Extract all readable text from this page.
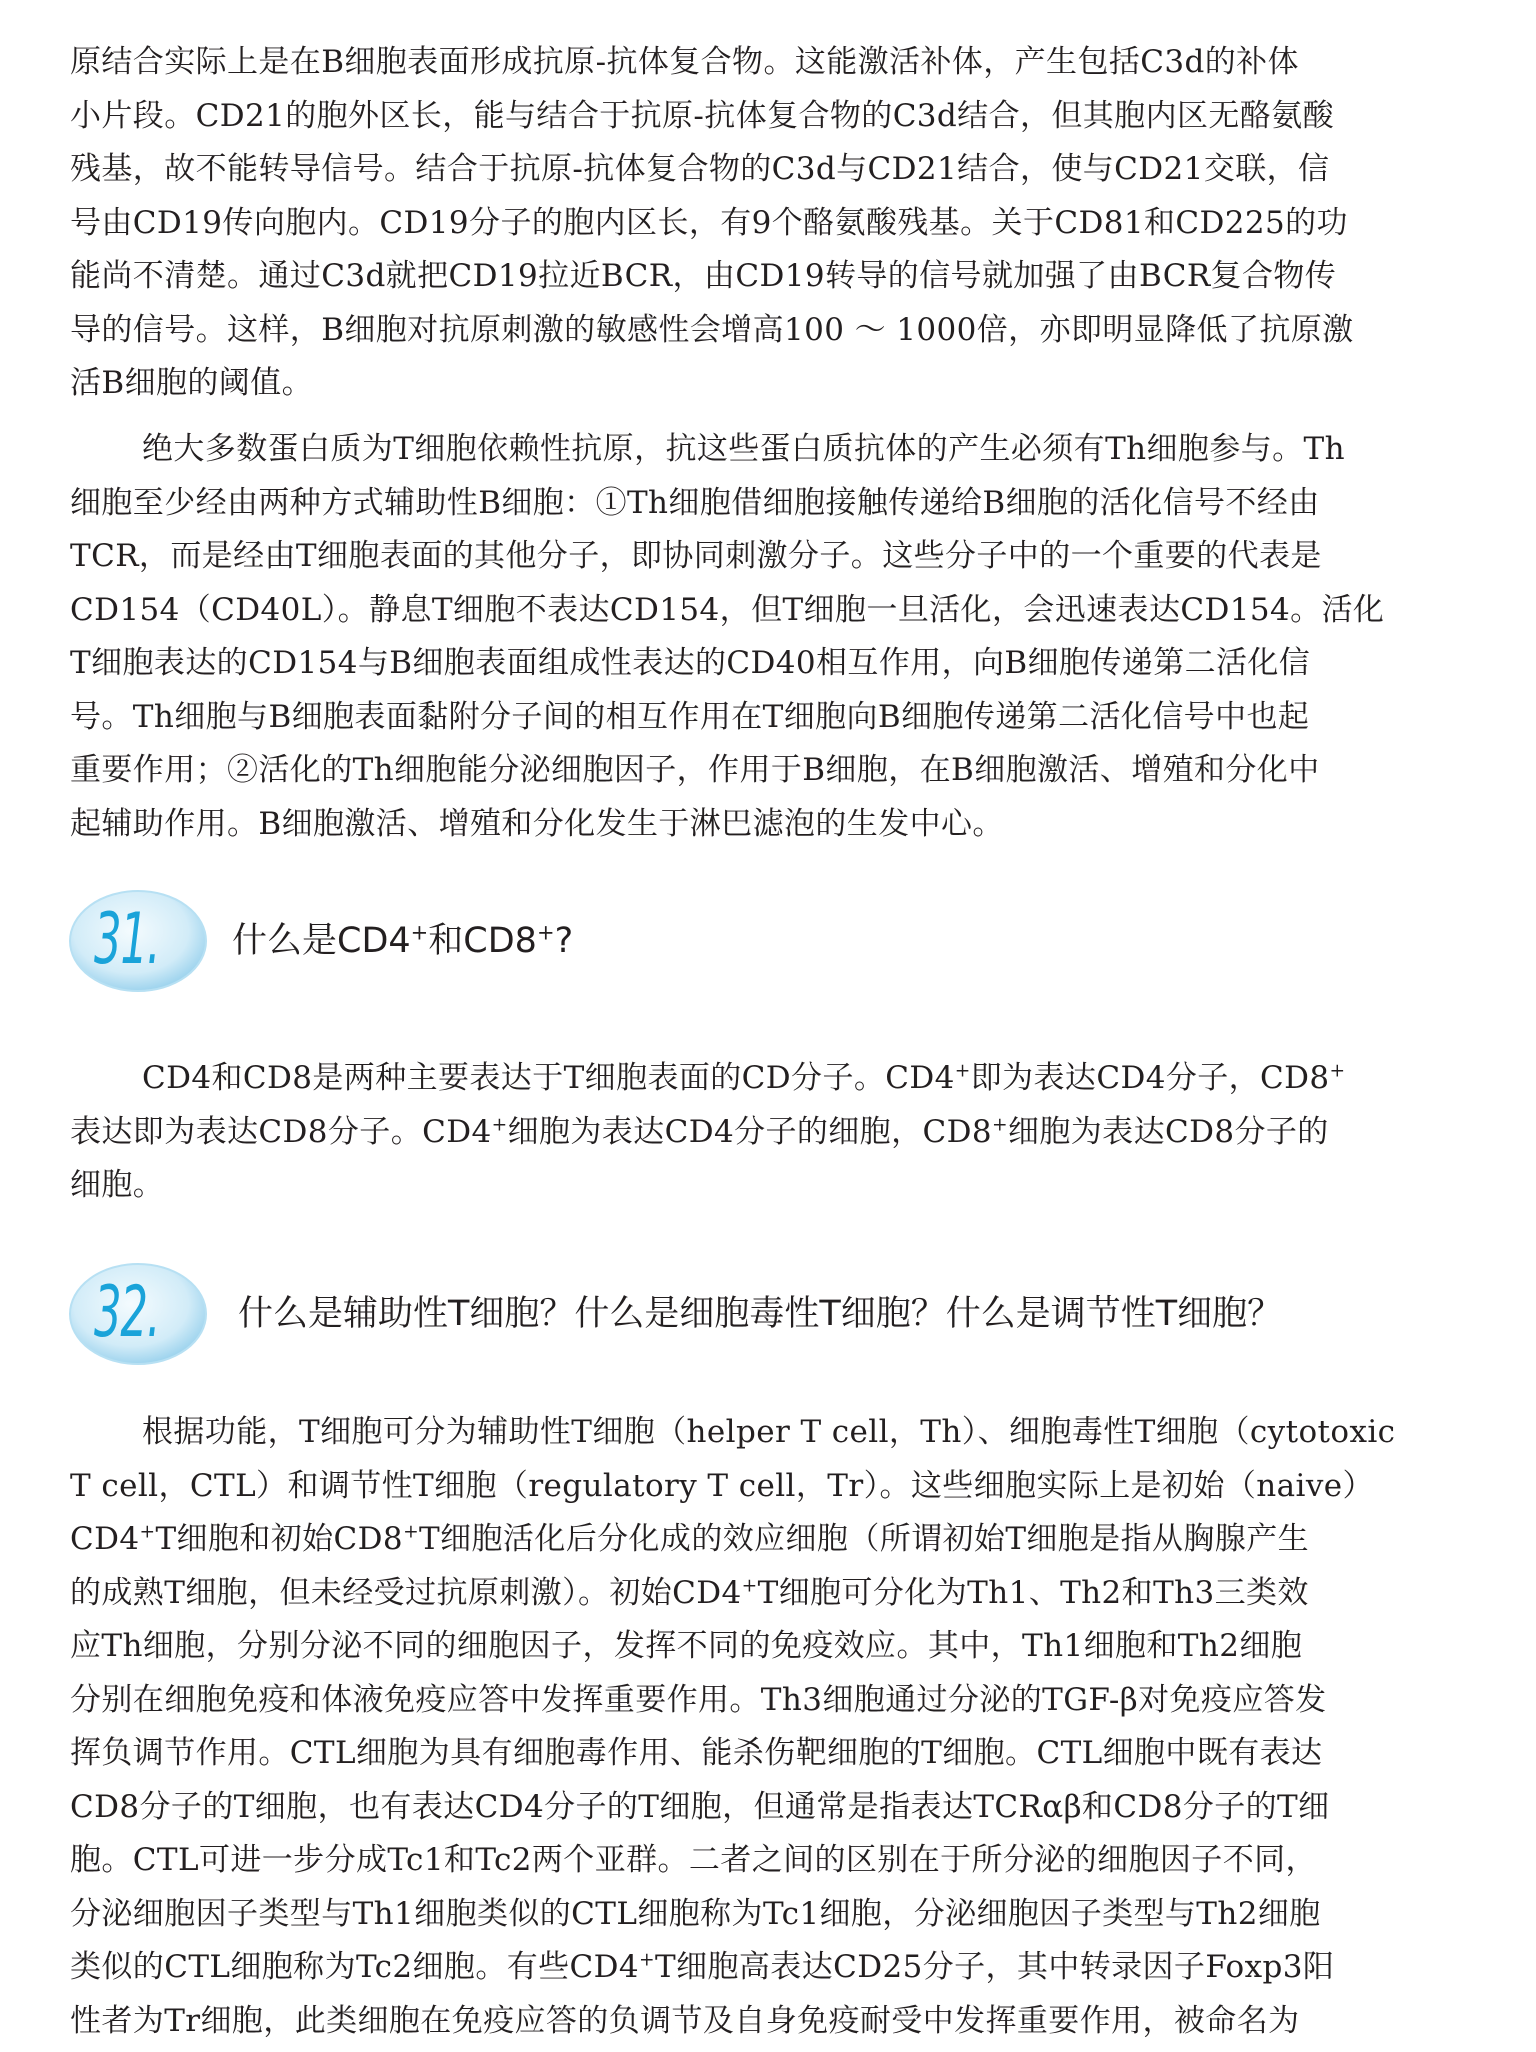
原结合实际上是在B细胞表面形成抗原-抗体复合物。这能激活补体，产生包括C3d的补体
小片段。CD21的胞外区长，能与结合于抗原-抗体复合物的C3d结合，但其胞内区无酪氨酸
残基，故不能转导信号。结合于抗原-抗体复合物的C3d与CD21结合，使与CD21交联，信
号由CD19传向胞内。CD19分子的胞内区长，有9个酪氨酸残基。关于CD81和CD225的功
能尚不清楚。通过C3d就把CD19拉近BCR，由CD19转导的信号就加强了由BCR复合物传
导的信号。这样，B细胞对抗原刺激的敏感性会增高100 ～ 1000倍，亦即明显降低了抗原激
活B细胞的阈值。
绝大多数蛋白质为T细胞依赖性抗原，抗这些蛋白质抗体的产生必须有Th细胞参与。Th
细胞至少经由两种方式辅助性B细胞：①Th细胞借细胞接触传递给B细胞的活化信号不经由
TCR，而是经由T细胞表面的其他分子，即协同刺激分子。这些分子中的一个重要的代表是
CD154（CD40L）。静息T细胞不表达CD154，但T细胞一旦活化，会迅速表达CD154。活化
T细胞表达的CD154与B细胞表面组成性表达的CD40相互作用，向B细胞传递第二活化信
号。Th细胞与B细胞表面黏附分子间的相互作用在T细胞向B细胞传递第二活化信号中也起
重要作用；②活化的Th细胞能分泌细胞因子，作用于B细胞，在B细胞激活、增殖和分化中
起辅助作用。B细胞激活、增殖和分化发生于淋巴滤泡的生发中心。
31. 什么是CD4+和CD8+?
CD4和CD8是两种主要表达于T细胞表面的CD分子。CD4+即为表达CD4分子，CD8+
表达即为表达CD8分子。CD4+细胞为表达CD4分子的细胞，CD8+细胞为表达CD8分子的
细胞。
32. 什么是辅助性T细胞？什么是细胞毒性T细胞？什么是调节性T细胞？
根据功能，T细胞可分为辅助性T细胞（helper T cell，Th）、细胞毒性T细胞（cytotoxic
T cell，CTL）和调节性T细胞（regulatory T cell，Tr）。这些细胞实际上是初始（naive）
CD4+T细胞和初始CD8+T细胞活化后分化成的效应细胞（所谓初始T细胞是指从胸腺产生
的成熟T细胞，但未经受过抗原刺激）。初始CD4+T细胞可分化为Th1、Th2和Th3三类效
应Th细胞，分别分泌不同的细胞因子，发挥不同的免疫效应。其中，Th1细胞和Th2细胞
分别在细胞免疫和体液免疫应答中发挥重要作用。Th3细胞通过分泌的TGF-β对免疫应答发
挥负调节作用。CTL细胞为具有细胞毒作用、能杀伤靶细胞的T细胞。CTL细胞中既有表达
CD8分子的T细胞，也有表达CD4分子的T细胞，但通常是指表达TCRαβ和CD8分子的T细
胞。CTL可进一步分成Tc1和Tc2两个亚群。二者之间的区别在于所分泌的细胞因子不同，
分泌细胞因子类型与Th1细胞类似的CTL细胞称为Tc1细胞，分泌细胞因子类型与Th2细胞
类似的CTL细胞称为Tc2细胞。有些CD4+T细胞高表达CD25分子，其中转录因子Foxp3阳
性者为Tr细胞，此类细胞在免疫应答的负调节及自身免疫耐受中发挥重要作用，被命名为
